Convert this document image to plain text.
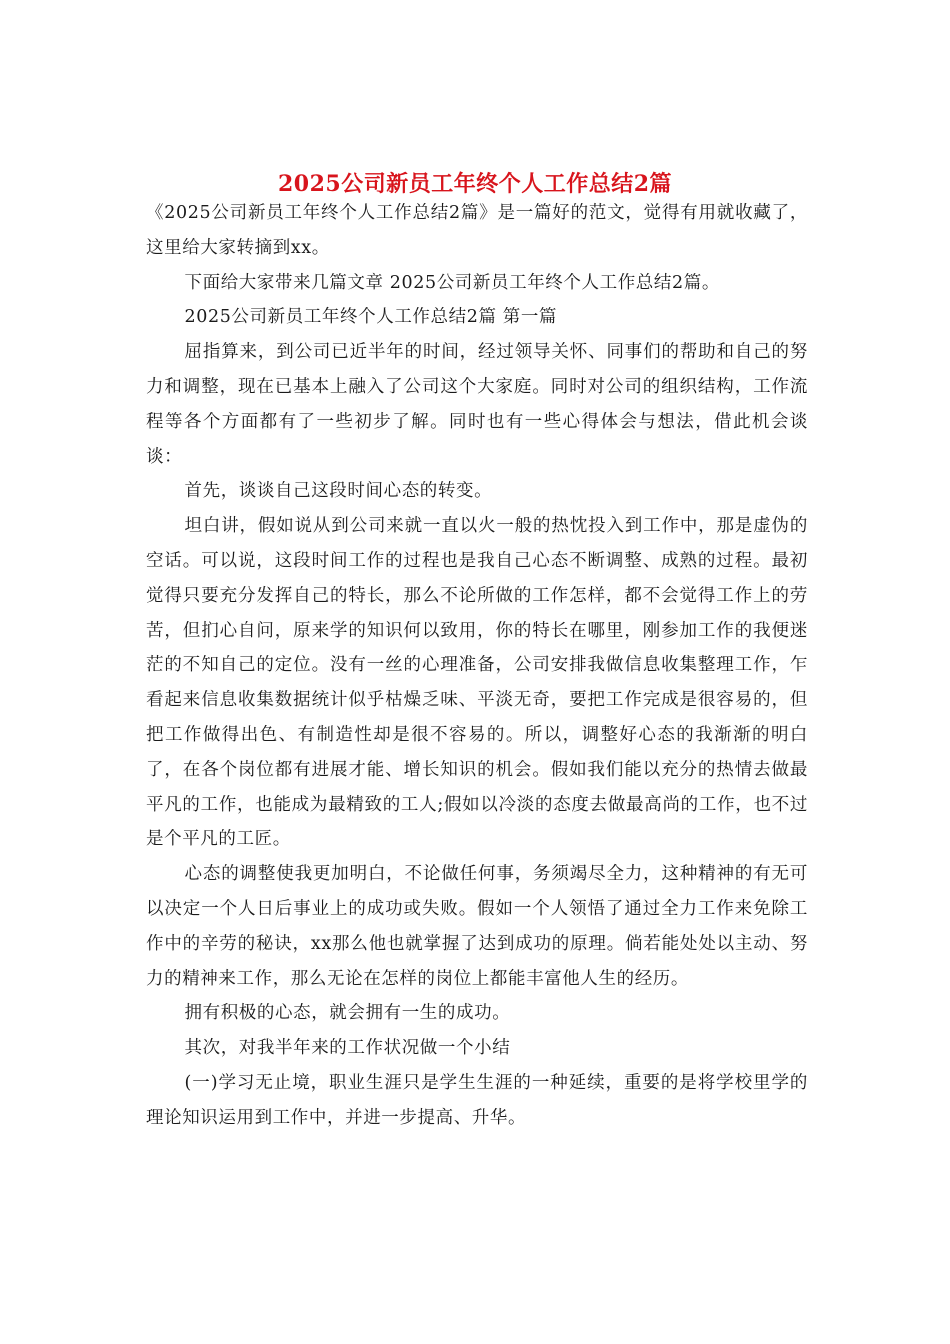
2025公司新员工年终个人工作总结2篇

《2025公司新员工年终个人工作总结2篇》是一篇好的范文，觉得有用就收藏了，这里给大家转摘到xx。

下面给大家带来几篇文章 2025公司新员工年终个人工作总结2篇。

2025公司新员工年终个人工作总结2篇 第一篇

屈指算来，到公司已近半年的时间，经过领导关怀、同事们的帮助和自己的努力和调整，现在已基本上融入了公司这个大家庭。同时对公司的组织结构，工作流程等各个方面都有了一些初步了解。同时也有一些心得体会与想法，借此机会谈谈：

首先，谈谈自己这段时间心态的转变。

坦白讲，假如说从到公司来就一直以火一般的热忱投入到工作中，那是虚伪的空话。可以说，这段时间工作的过程也是我自己心态不断调整、成熟的过程。最初觉得只要充分发挥自己的特长，那么不论所做的工作怎样，都不会觉得工作上的劳苦，但扪心自问，原来学的知识何以致用，你的特长在哪里，刚参加工作的我便迷茫的不知自己的定位。没有一丝的心理准备，公司安排我做信息收集整理工作，乍看起来信息收集数据统计似乎枯燥乏味、平淡无奇，要把工作完成是很容易的，但把工作做得出色、有制造性却是很不容易的。所以，调整好心态的我渐渐的明白了，在各个岗位都有进展才能、增长知识的机会。假如我们能以充分的热情去做最平凡的工作，也能成为最精致的工人;假如以冷淡的态度去做最高尚的工作，也不过是个平凡的工匠。

心态的调整使我更加明白，不论做任何事，务须竭尽全力，这种精神的有无可以决定一个人日后事业上的成功或失败。假如一个人领悟了通过全力工作来免除工作中的辛劳的秘诀，xx那么他也就掌握了达到成功的原理。倘若能处处以主动、努力的精神来工作，那么无论在怎样的岗位上都能丰富他人生的经历。

拥有积极的心态，就会拥有一生的成功。

其次，对我半年来的工作状况做一个小结

(一)学习无止境，职业生涯只是学生生涯的一种延续，重要的是将学校里学的理论知识运用到工作中，并进一步提高、升华。
